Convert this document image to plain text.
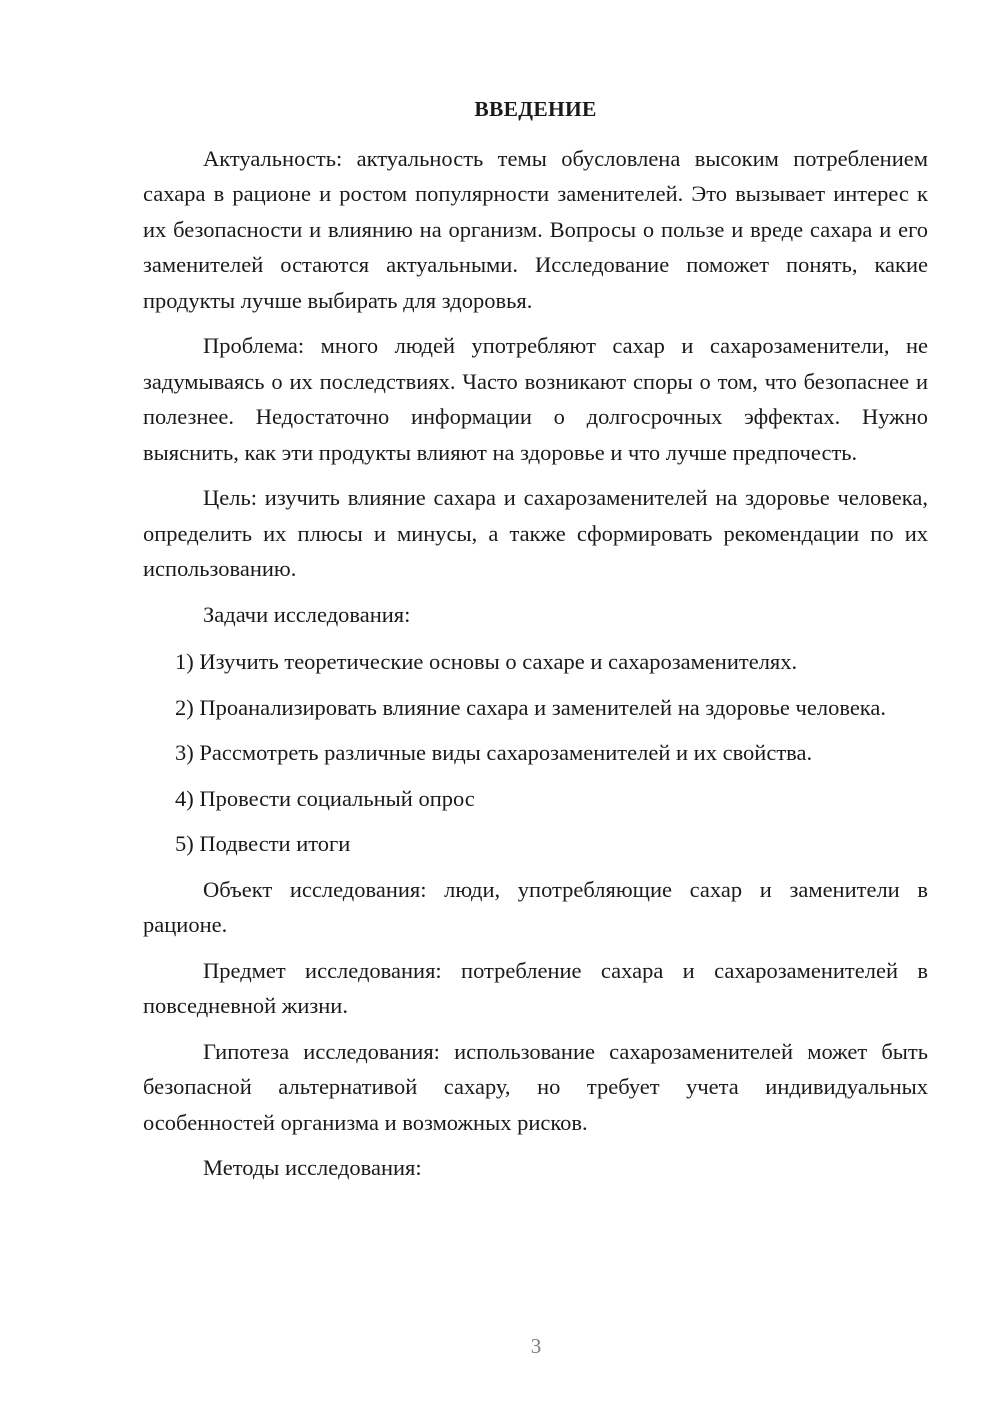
ВВЕДЕНИЕ

Актуальность: актуальность темы обусловлена высоким потреблением сахара в рационе и ростом популярности заменителей. Это вызывает интерес к их безопасности и влиянию на организм. Вопросы о пользе и вреде сахара и его заменителей остаются актуальными. Исследование поможет понять, какие продукты лучше выбирать для здоровья.

Проблема: много людей употребляют сахар и сахарозаменители, не задумываясь о их последствиях. Часто возникают споры о том, что безопаснее и полезнее. Недостаточно информации о долгосрочных эффектах. Нужно выяснить, как эти продукты влияют на здоровье и что лучше предпочесть.

Цель: изучить влияние сахара и сахарозаменителей на здоровье человека, определить их плюсы и минусы, а также сформировать рекомендации по их использованию.

Задачи исследования:

1) Изучить теоретические основы о сахаре и сахарозаменителях.

2) Проанализировать влияние сахара и заменителей на здоровье человека.

3) Рассмотреть различные виды сахарозаменителей и их свойства.

4) Провести социальный опрос

5) Подвести итоги

Объект исследования: люди, употребляющие сахар и заменители в рационе.

Предмет исследования: потребление сахара и сахарозаменителей в повседневной жизни.

Гипотеза исследования: использование сахарозаменителей может быть безопасной альтернативой сахару, но требует учета индивидуальных особенностей организма и возможных рисков.

Методы исследования:

3
